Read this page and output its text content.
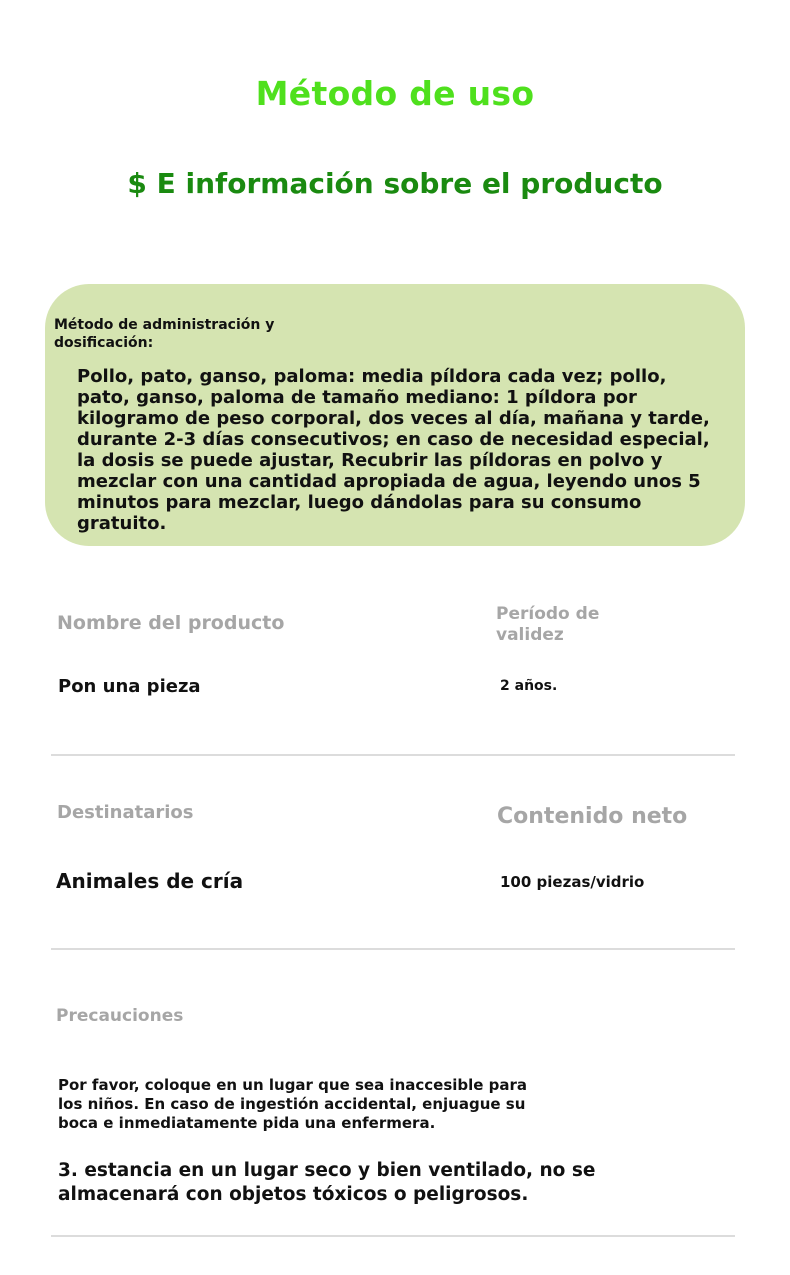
Método de uso
$ E información sobre el producto
Método de administración y dosificación:
Pollo, pato, ganso, paloma: media píldora cada vez; pollo, pato, ganso, paloma de tamaño mediano: 1 píldora por kilogramo de peso corporal, dos veces al día, mañana y tarde, durante 2-3 días consecutivos; en caso de necesidad especial, la dosis se puede ajustar, Recubrir las píldoras en polvo y mezclar con una cantidad apropiada de agua, leyendo unos 5 minutos para mezclar, luego dándolas para su consumo gratuito.
Nombre del producto	Período de validez
Pon una pieza	2 años.
Destinatarios	Contenido neto
Animales de cría	100 piezas/vidrio
Precauciones
Por favor, coloque en un lugar que sea inaccesible para los niños. En caso de ingestión accidental, enjuague su boca e inmediatamente pida una enfermera.
3. estancia en un lugar seco y bien ventilado, no se almacenará con objetos tóxicos o peligrosos.
